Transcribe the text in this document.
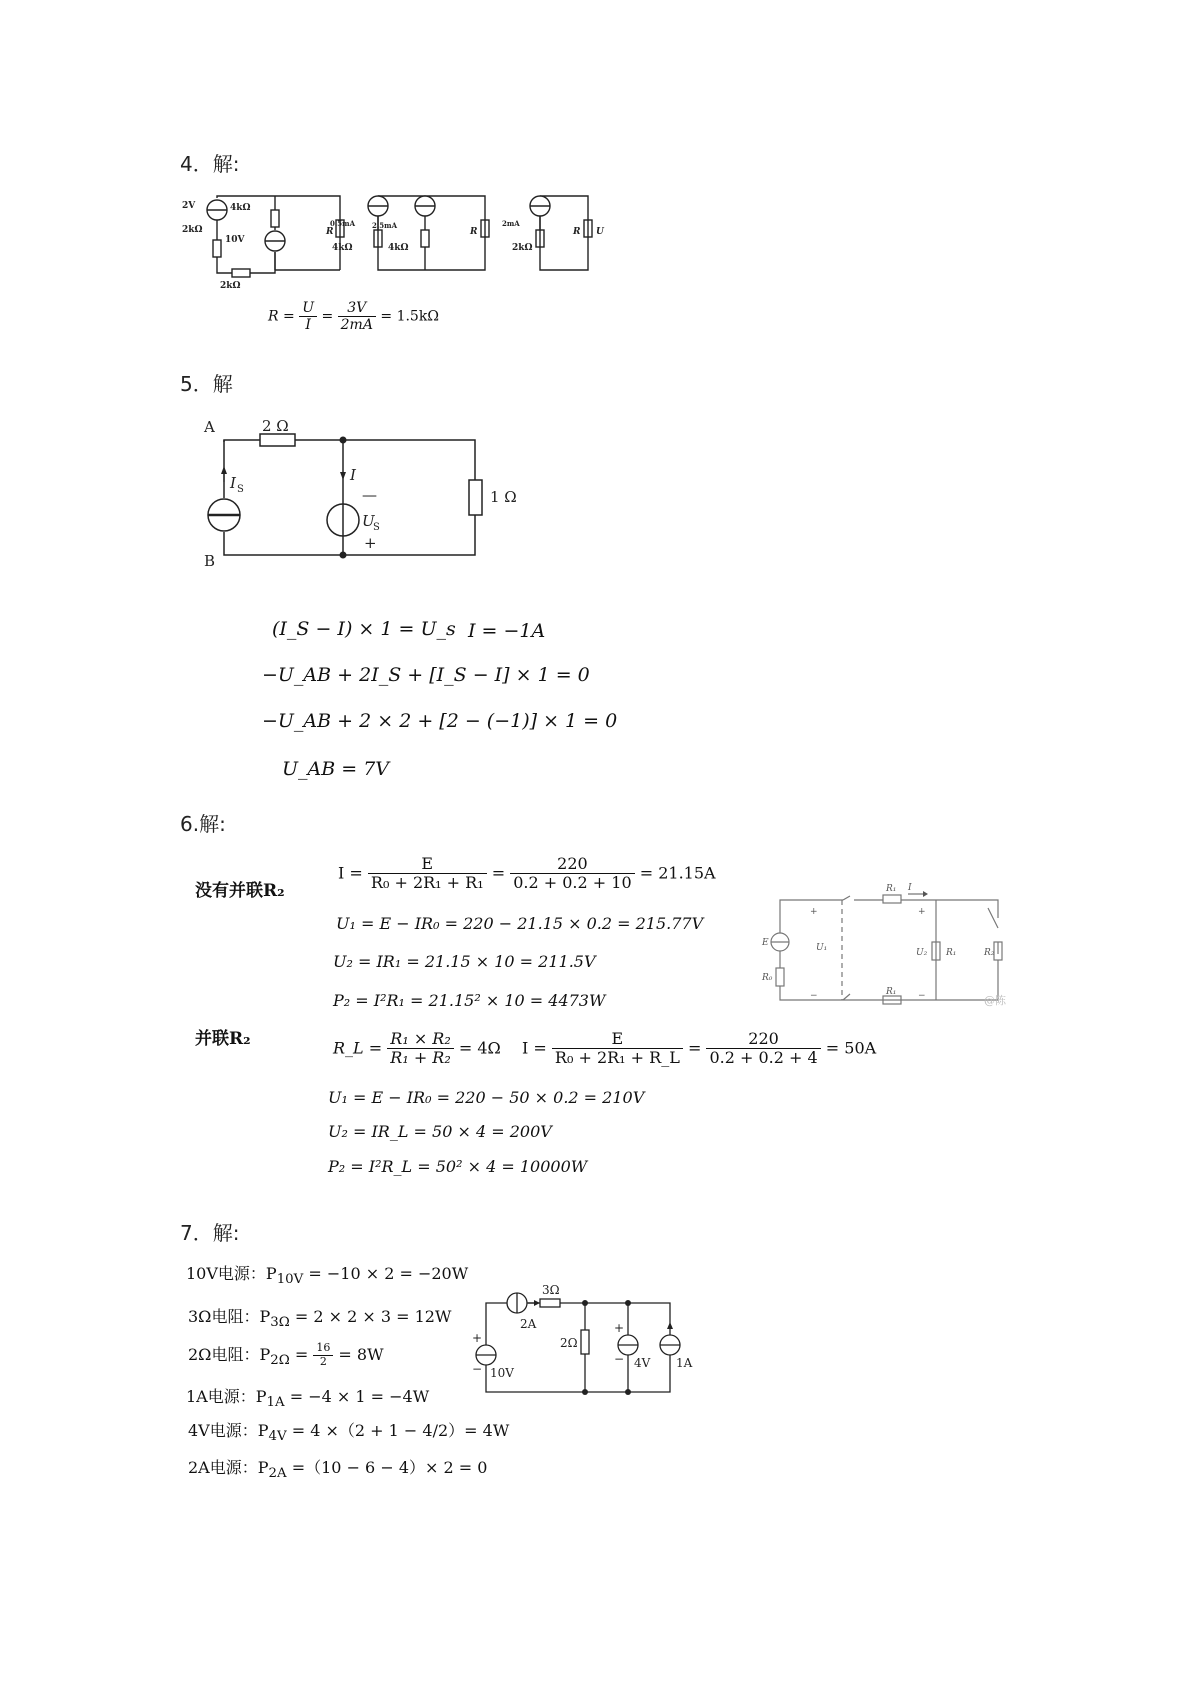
4．解:
2V	4kΩ
2kΩ
10V
2kΩ
R
0.5mA 2.5mA
4kΩ	4kΩ
R
2mA
2kΩ
R U
$R = \frac{U}{I} = \frac{3V}{2mA} = 1.5k\Omega$
5．解
A
B
2 Ω
1 Ω
I S
I
—
U
S
+
(I_S − I) × 1 = U_s I = −1A
−U_AB + 2I_S + [I_S − I] × 1 = 0
−U_AB + 2 × 2 + [2 − (−1)] × 1 = 0
U_AB = 7V
6.解:
没有并联R₂
并联R₂
$I = \frac{E}{\text{R₀ + 2R₁ + R₁}} = \frac{220}{0.2 + 0.2 + 10} = 21.15A$
U₁ = E − IR₀ = 220 − 21.15 × 0.2 = 215.77V
U₂ = IR₁ = 21.15 × 10 = 211.5V
P₂ = I²R₁ = 21.15² × 10 = 4473W
R_L = $\frac{\text{R₁ × R₂}}{\text{R₁ + R₂}} = 4\Omega$ $I = \frac{E}{\text{R₀ + 2R₁ + R\_L}} = \frac{220}{0.2 + 0.2 + 4} = 50A$
U₁ = E − IR₀ = 220 − 50 × 0.2 = 210V
U₂ = IR_L = 50 × 4 = 200V
P₂ = I²R_L = 50² × 4 = 10000W
E
R₀
U₁
R₁
R₁
I
U₂ R₁	R₂
@陈
+
−
+
−
7．解:
10V电源：$P_{10V} = -10 \times 2 = -20W$
3Ω电阻：$P_{3\Omega} = 2 \times 2 \times 3 = 12W$
2Ω电阻：$P_{2\Omega} = \frac{16}{2} = 8W$
1A电源：$P_{1A} = -4 \times 1 = -4W$
4V电源：$P_{4V} = 4 \times(2 + 1 - 4/2)= 4W$
2A电源：$P_{2A} =(10 - 6 - 4)\times 2 = 0$
3Ω
2A
2Ω
10V
4V 1A
+
−
+
−
